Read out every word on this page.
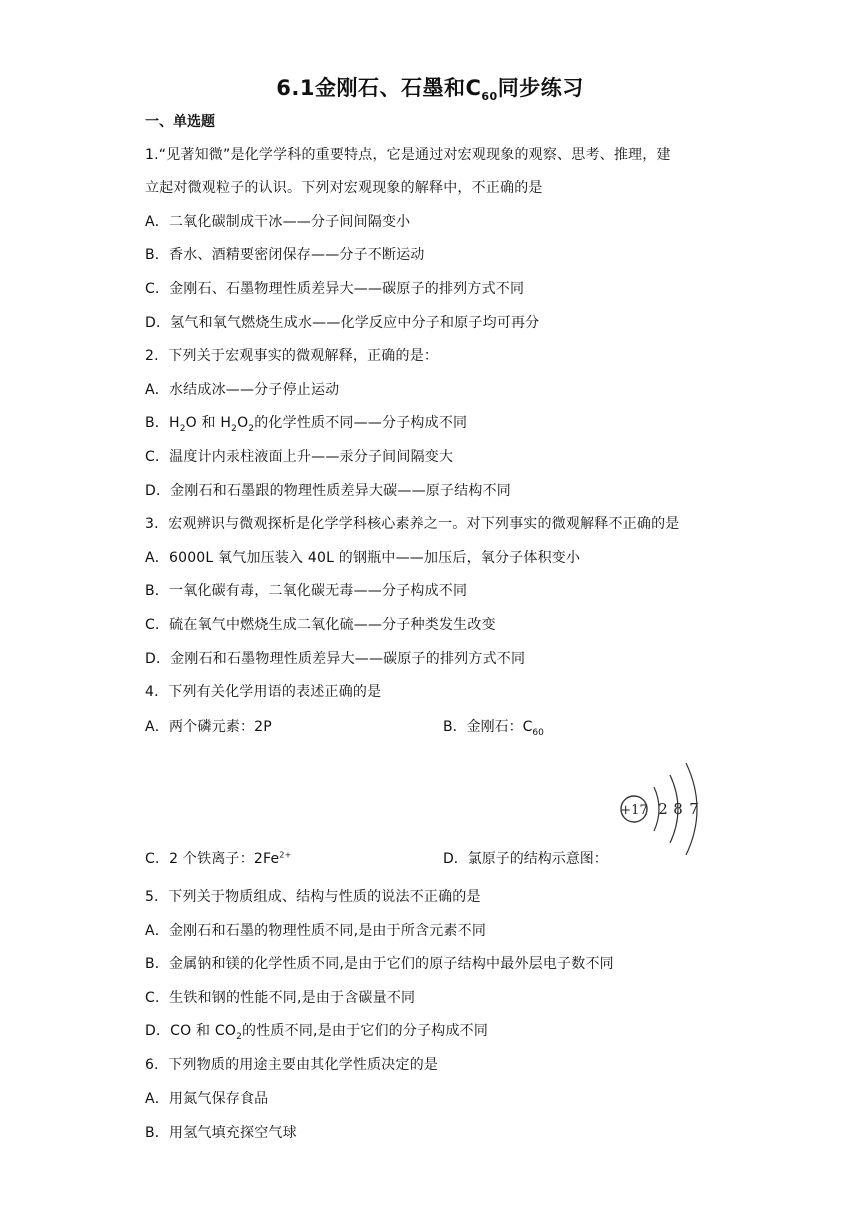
6.1金刚石、石墨和$C_{60}$同步练习
一、单选题
1.“见著知微”是化学学科的重要特点，它是通过对宏观现象的观察、思考、推理，建
立起对微观粒子的认识。下列对宏观现象的解释中，不正确的是
A．二氧化碳制成干冰——分子间间隔变小
B．香水、酒精要密闭保存——分子不断运动
C．金刚石、石墨物理性质差异大——碳原子的排列方式不同
D．氢气和氧气燃烧生成水——化学反应中分子和原子均可再分
2．下列关于宏观事实的微观解释，正确的是：
A．水结成冰——分子停止运动
B．$H_2O$ 和 $H_2O_2$的化学性质不同——分子构成不同
C．温度计内汞柱液面上升——汞分子间间隔变大
D．金刚石和石墨跟的物理性质差异大碳——原子结构不同
3．宏观辨识与微观探析是化学学科核心素养之一。对下列事实的微观解释不正确的是
A．6000L 氧气加压装入 40L 的钢瓶中——加压后，氧分子体积变小
B．一氧化碳有毒，二氧化碳无毒——分子构成不同
C．硫在氧气中燃烧生成二氧化硫——分子种类发生改变
D．金刚石和石墨物理性质差异大——碳原子的排列方式不同
4．下列有关化学用语的表述正确的是
A．两个磷元素：2P	B．金刚石：$C_{60}$
+17 2 8 7
C．2 个铁离子：$2Fe^{2+}$	D．氯原子的结构示意图：
5．下列关于物质组成、结构与性质的说法不正确的是
A．金刚石和石墨的物理性质不同,是由于所含元素不同
B．金属钠和镁的化学性质不同,是由于它们的原子结构中最外层电子数不同
C．生铁和钢的性能不同,是由于含碳量不同
D．CO 和 $CO_2$的性质不同,是由于它们的分子构成不同
6．下列物质的用途主要由其化学性质决定的是
A．用氮气保存食品
B．用氢气填充探空气球
